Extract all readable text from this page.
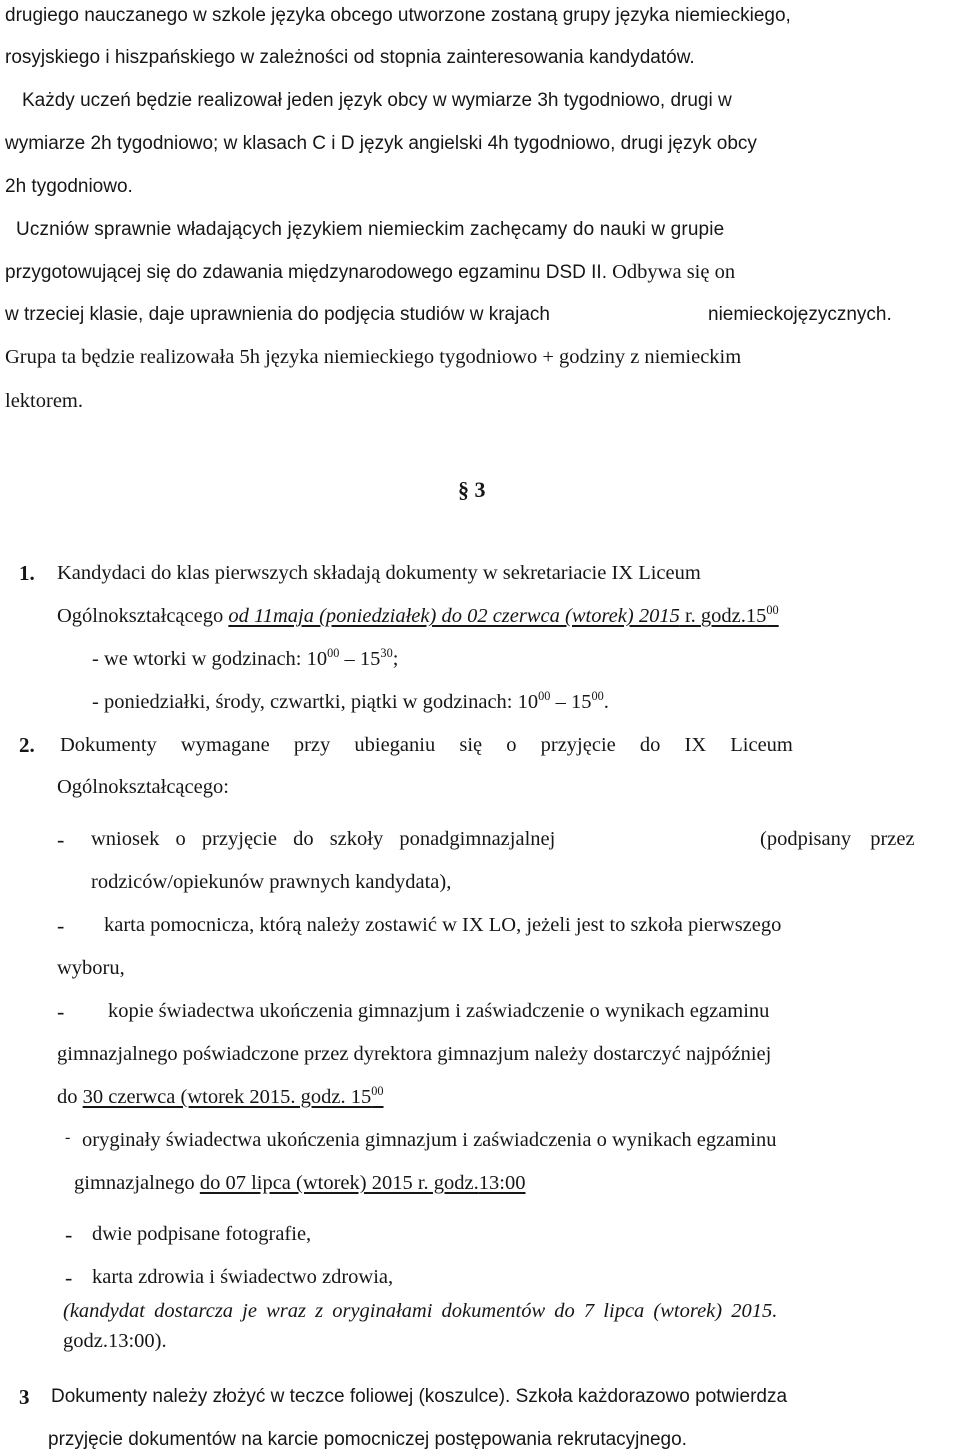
drugiego nauczanego w szkole języka obcego utworzone zostaną grupy języka niemieckiego,
rosyjskiego i hiszpańskiego w zależności od stopnia zainteresowania kandydatów.
Każdy uczeń będzie realizował jeden język obcy w wymiarze 3h tygodniowo, drugi w
wymiarze 2h tygodniowo; w klasach C i D język angielski 4h tygodniowo, drugi język obcy
2h tygodniowo.
Uczniów sprawnie władających językiem niemieckim zachęcamy do nauki w grupie
przygotowującej się do zdawania międzynarodowego egzaminu DSD II. Odbywa się on
w trzeciej klasie, daje uprawnienia do podjęcia studiów w krajach	niemieckojęzycznych.
Grupa ta będzie realizowała 5h języka niemieckiego tygodniowo + godziny z niemieckim
lektorem.
§ 3
1. Kandydaci do klas pierwszych składają dokumenty w sekretariacie IX Liceum
Ogólnokształcącego od 11maja (poniedziałek) do 02 czerwca (wtorek) 2015 r. $godz.15^{00}$
- we wtorki w godzinach: $10^{00} - 15^{30}$;
- poniedziałki, środy, czwartki, piątki w godzinach: $10^{00} - 15^{00}$.
2. Dokumenty wymagane przy ubieganiu się o przyjęcie do IX Liceum
Ogólnokształcącego:
- wniosek o przyjęcie do szkoły ponadgimnazjalnej	(podpisany przez
rodziców/opiekunów prawnych kandydata),
- karta pomocnicza, którą należy zostawić w IX LO, jeżeli jest to szkoła pierwszego
wyboru,
- kopie świadectwa ukończenia gimnazjum i zaświadczenie o wynikach egzaminu
gimnazjalnego poświadczone przez dyrektora gimnazjum należy dostarczyć najpóźniej
do 30 czerwca (wtorek 2015. godz. $15^{00}$
- oryginały świadectwa ukończenia gimnazjum i zaświadczenia o wynikach egzaminu
gimnazjalnego do 07 lipca (wtorek) 2015 r. godz.13:00
- dwie podpisane fotografie,
- karta zdrowia i świadectwo zdrowia,
(kandydat dostarcza je wraz z oryginałami dokumentów do 7 lipca (wtorek) 2015.
godz.13:00).
3 Dokumenty należy złożyć w teczce foliowej (koszulce). Szkoła każdorazowo potwierdza
przyjęcie dokumentów na karcie pomocniczej postępowania rekrutacyjnego.
